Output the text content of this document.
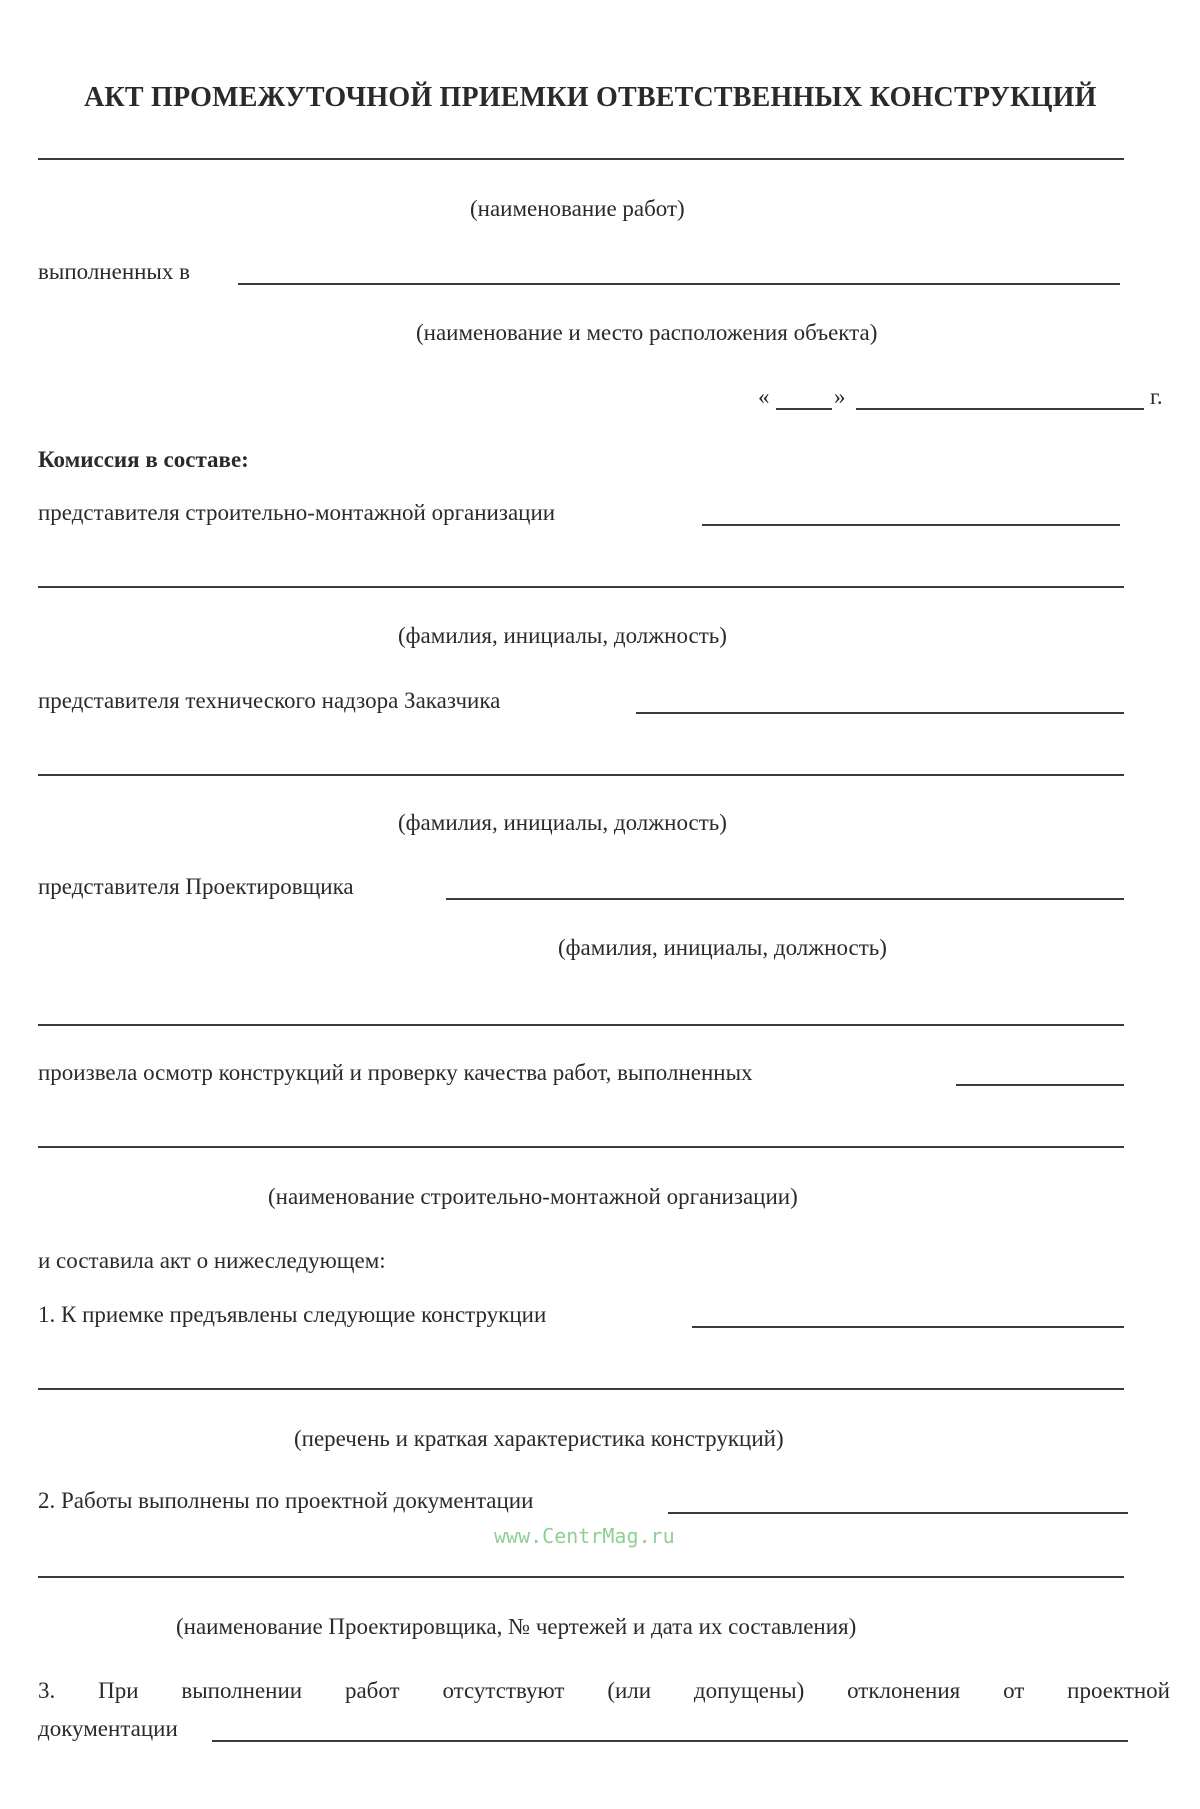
АКТ ПРОМЕЖУТОЧНОЙ ПРИЕМКИ ОТВЕТСТВЕННЫХ КОНСТРУКЦИЙ
(наименование работ)
выполненных в
(наименование и место расположения объекта)
«	»	г.
Комиссия в составе:
представителя строительно-монтажной организации
(фамилия, инициалы, должность)
представителя технического надзора Заказчика
(фамилия, инициалы, должность)
представителя Проектировщика
(фамилия, инициалы, должность)
произвела осмотр конструкций и проверку качества работ, выполненных
(наименование строительно-монтажной организации)
и составила акт о нижеследующем:
1. К приемке предъявлены следующие конструкции
(перечень и краткая характеристика конструкций)
2. Работы выполнены по проектной документации
www.CentrMag.ru
(наименование Проектировщика, № чертежей и дата их составления)
3. При выполнении работ отсутствуют (или допущены) отклонения от проектной
документации
